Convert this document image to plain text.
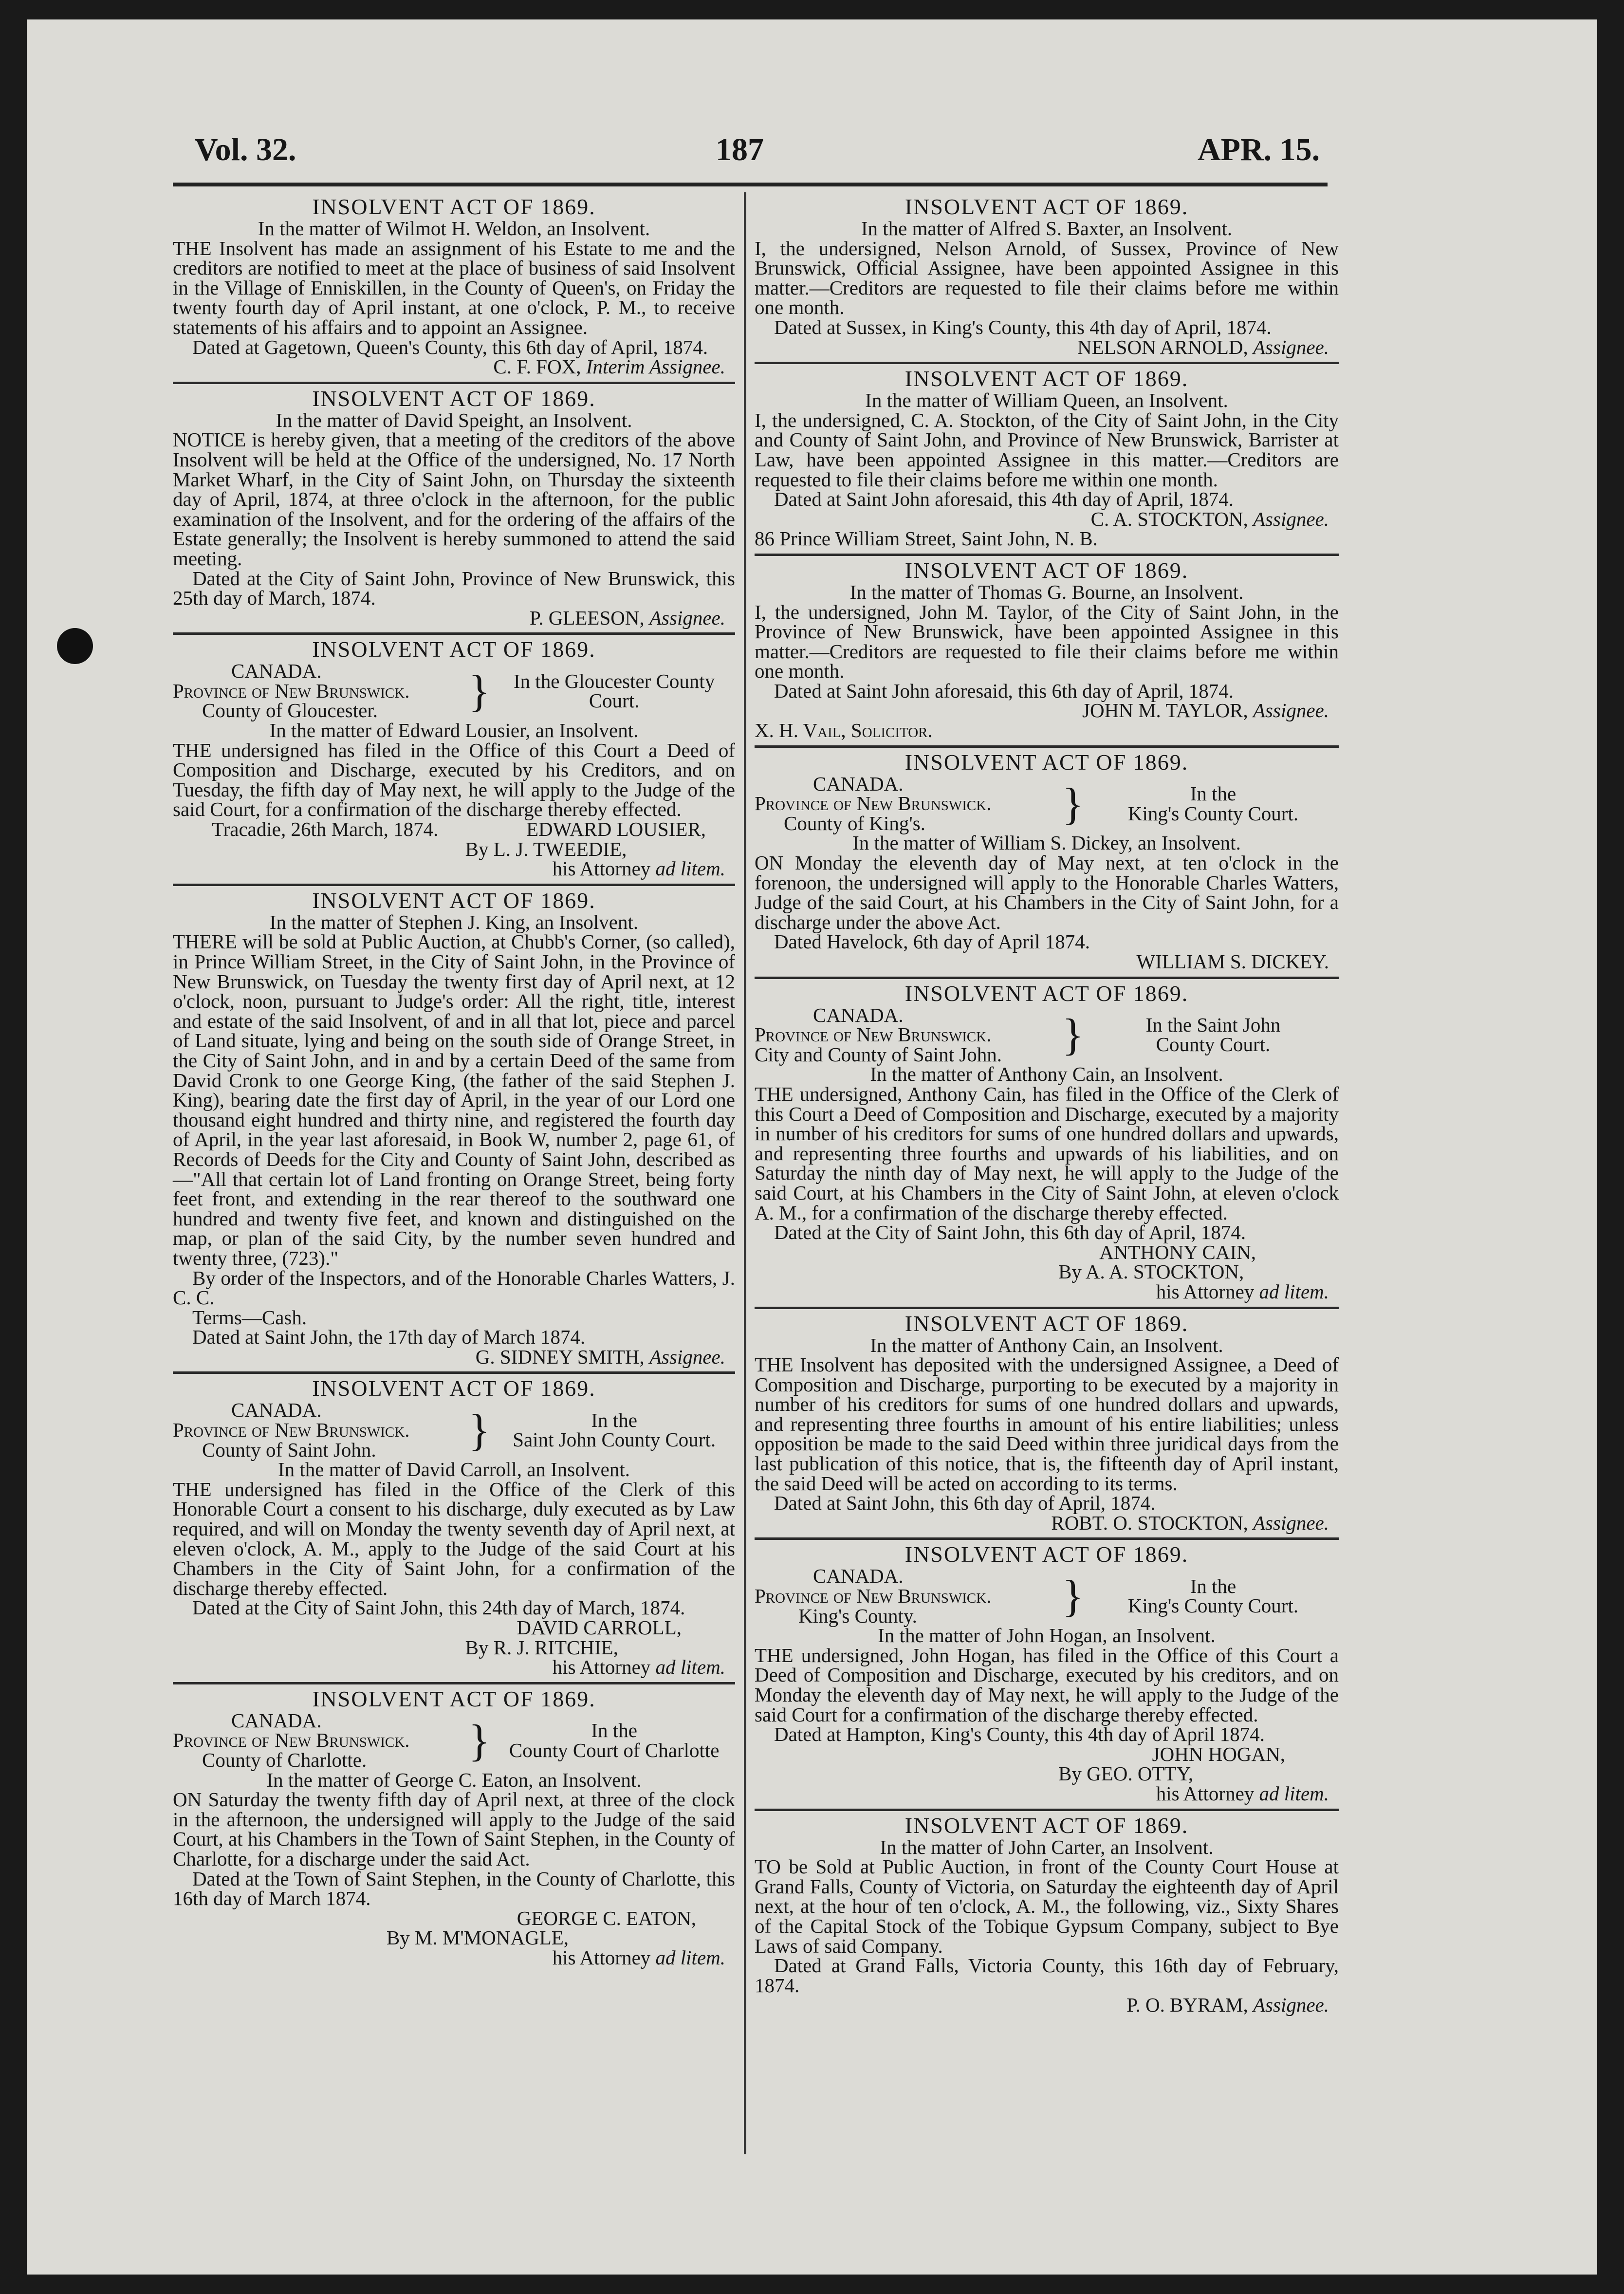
Vol. 32.	187	APR. 15.
INSOLVENT ACT OF 1869.
In the matter of Wilmot H. Weldon, an Insolvent.
THE Insolvent has made an assignment of his Estate to me and the creditors are notified to meet at the place of business of said Insolvent in the Village of Enniskillen, in the County of Queen's, on Friday the twenty fourth day of April instant, at one o'clock, P. M., to receive statements of his affairs and to appoint an Assignee.
Dated at Gagetown, Queen's County, this 6th day of April, 1874.
C. F. FOX, Interim Assignee.
INSOLVENT ACT OF 1869.
In the matter of David Speight, an Insolvent.
NOTICE is hereby given, that a meeting of the creditors of the above Insolvent will be held at the Office of the undersigned, No. 17 North Market Wharf, in the City of Saint John, on Thursday the sixteenth day of April, 1874, at three o'clock in the afternoon, for the public examination of the Insolvent, and for the ordering of the affairs of the Estate generally; the Insolvent is hereby summoned to attend the said meeting.
Dated at the City of Saint John, Province of New Brunswick, this 25th day of March, 1874.
P. GLEESON, Assignee.
INSOLVENT ACT OF 1869.
CANADA.
Province of New Brunswick.
County of Gloucester.	}	In the Gloucester County
Court.
In the matter of Edward Lousier, an Insolvent.
THE undersigned has filed in the Office of this Court a Deed of Composition and Discharge, executed by his Creditors, and on Tuesday, the fifth day of May next, he will apply to the Judge of the said Court, for a confirmation of the discharge thereby effected.
Tracadie, 26th March, 1874.	EDWARD LOUSIER,
By L. J. TWEEDIE,
his Attorney ad litem.
INSOLVENT ACT OF 1869.
In the matter of Stephen J. King, an Insolvent.
THERE will be sold at Public Auction, at Chubb's Corner, (so called), in Prince William Street, in the City of Saint John, in the Province of New Brunswick, on Tuesday the twenty first day of April next, at 12 o'clock, noon, pursuant to Judge's order: All the right, title, interest and estate of the said Insolvent, of and in all that lot, piece and parcel of Land situate, lying and being on the south side of Orange Street, in the City of Saint John, and in and by a certain Deed of the same from David Cronk to one George King, (the father of the said Stephen J. King), bearing date the first day of April, in the year of our Lord one thousand eight hundred and thirty nine, and registered the fourth day of April, in the year last aforesaid, in Book W, number 2, page 61, of Records of Deeds for the City and County of Saint John, described as—"All that certain lot of Land fronting on Orange Street, being forty feet front, and extending in the rear thereof to the southward one hundred and twenty five feet, and known and distinguished on the map, or plan of the said City, by the number seven hundred and twenty three, (723)."
By order of the Inspectors, and of the Honorable Charles Watters, J. C. C.
Terms—Cash.
Dated at Saint John, the 17th day of March 1874.
G. SIDNEY SMITH, Assignee.
INSOLVENT ACT OF 1869.
CANADA.
Province of New Brunswick.
County of Saint John.	}	In the
Saint John County Court.
In the matter of David Carroll, an Insolvent.
THE undersigned has filed in the Office of the Clerk of this Honorable Court a consent to his discharge, duly executed as by Law required, and will on Monday the twenty seventh day of April next, at eleven o'clock, A. M., apply to the Judge of the said Court at his Chambers in the City of Saint John, for a confirmation of the discharge thereby effected.
Dated at the City of Saint John, this 24th day of March, 1874.
DAVID CARROLL,
By R. J. RITCHIE,
his Attorney ad litem.
INSOLVENT ACT OF 1869.
CANADA.
Province of New Brunswick.
County of Charlotte.	}	In the
County Court of Charlotte
In the matter of George C. Eaton, an Insolvent.
ON Saturday the twenty fifth day of April next, at three of the clock in the afternoon, the undersigned will apply to the Judge of the said Court, at his Chambers in the Town of Saint Stephen, in the County of Charlotte, for a discharge under the said Act.
Dated at the Town of Saint Stephen, in the County of Charlotte, this 16th day of March 1874.
GEORGE C. EATON,
By M. M'MONAGLE,
his Attorney ad litem.
INSOLVENT ACT OF 1869.
In the matter of Alfred S. Baxter, an Insolvent.
I, the undersigned, Nelson Arnold, of Sussex, Province of New Brunswick, Official Assignee, have been appointed Assignee in this matter.—Creditors are requested to file their claims before me within one month.
Dated at Sussex, in King's County, this 4th day of April, 1874.
NELSON ARNOLD, Assignee.
INSOLVENT ACT OF 1869.
In the matter of William Queen, an Insolvent.
I, the undersigned, C. A. Stockton, of the City of Saint John, in the City and County of Saint John, and Province of New Brunswick, Barrister at Law, have been appointed Assignee in this matter.—Creditors are requested to file their claims before me within one month.
Dated at Saint John aforesaid, this 4th day of April, 1874.
C. A. STOCKTON, Assignee.
86 Prince William Street, Saint John, N. B.
INSOLVENT ACT OF 1869.
In the matter of Thomas G. Bourne, an Insolvent.
I, the undersigned, John M. Taylor, of the City of Saint John, in the Province of New Brunswick, have been appointed Assignee in this matter.—Creditors are requested to file their claims before me within one month.
Dated at Saint John aforesaid, this 6th day of April, 1874.
JOHN M. TAYLOR, Assignee.
X. H. Vail, Solicitor.
INSOLVENT ACT OF 1869.
CANADA.
Province of New Brunswick.
County of King's.	}	In the
King's County Court.
In the matter of William S. Dickey, an Insolvent.
ON Monday the eleventh day of May next, at ten o'clock in the forenoon, the undersigned will apply to the Honorable Charles Watters, Judge of the said Court, at his Chambers in the City of Saint John, for a discharge under the above Act.
Dated Havelock, 6th day of April 1874.
WILLIAM S. DICKEY.
INSOLVENT ACT OF 1869.
CANADA.
Province of New Brunswick.
City and County of Saint John.	}	In the Saint John
County Court.
In the matter of Anthony Cain, an Insolvent.
THE undersigned, Anthony Cain, has filed in the Office of the Clerk of this Court a Deed of Composition and Discharge, executed by a majority in number of his creditors for sums of one hundred dollars and upwards, and representing three fourths and upwards of his liabilities, and on Saturday the ninth day of May next, he will apply to the Judge of the said Court, at his Chambers in the City of Saint John, at eleven o'clock A. M., for a confirmation of the discharge thereby effected.
Dated at the City of Saint John, this 6th day of April, 1874.
ANTHONY CAIN,
By A. A. STOCKTON,
his Attorney ad litem.
INSOLVENT ACT OF 1869.
In the matter of Anthony Cain, an Insolvent.
THE Insolvent has deposited with the undersigned Assignee, a Deed of Composition and Discharge, purporting to be executed by a majority in number of his creditors for sums of one hundred dollars and upwards, and representing three fourths in amount of his entire liabilities; unless opposition be made to the said Deed within three juridical days from the last publication of this notice, that is, the fifteenth day of April instant, the said Deed will be acted on according to its terms.
Dated at Saint John, this 6th day of April, 1874.
ROBT. O. STOCKTON, Assignee.
INSOLVENT ACT OF 1869.
CANADA.
Province of New Brunswick.
King's County.	}	In the
King's County Court.
In the matter of John Hogan, an Insolvent.
THE undersigned, John Hogan, has filed in the Office of this Court a Deed of Composition and Discharge, executed by his creditors, and on Monday the eleventh day of May next, he will apply to the Judge of the said Court for a confirmation of the discharge thereby effected.
Dated at Hampton, King's County, this 4th day of April 1874.
JOHN HOGAN,
By GEO. OTTY,
his Attorney ad litem.
INSOLVENT ACT OF 1869.
In the matter of John Carter, an Insolvent.
TO be Sold at Public Auction, in front of the County Court House at Grand Falls, County of Victoria, on Saturday the eighteenth day of April next, at the hour of ten o'clock, A. M., the following, viz., Sixty Shares of the Capital Stock of the Tobique Gypsum Company, subject to Bye Laws of said Company.
Dated at Grand Falls, Victoria County, this 16th day of February, 1874.
P. O. BYRAM, Assignee.
